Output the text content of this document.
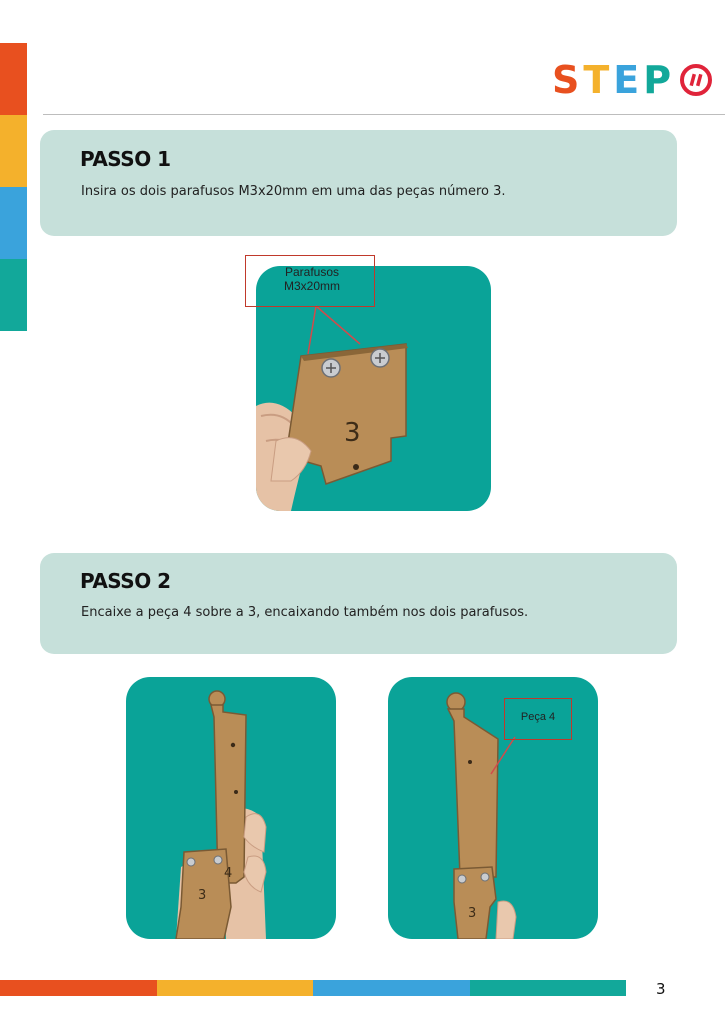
STEP
PASSO 1
Insira os dois parafusos M3x20mm em uma das peças número 3.
3
Parafusos M3x20mm
PASSO 2
Encaixe a peça 4 sobre a 3, encaixando também nos dois parafusos.
4
3
3
Peça 4
3
